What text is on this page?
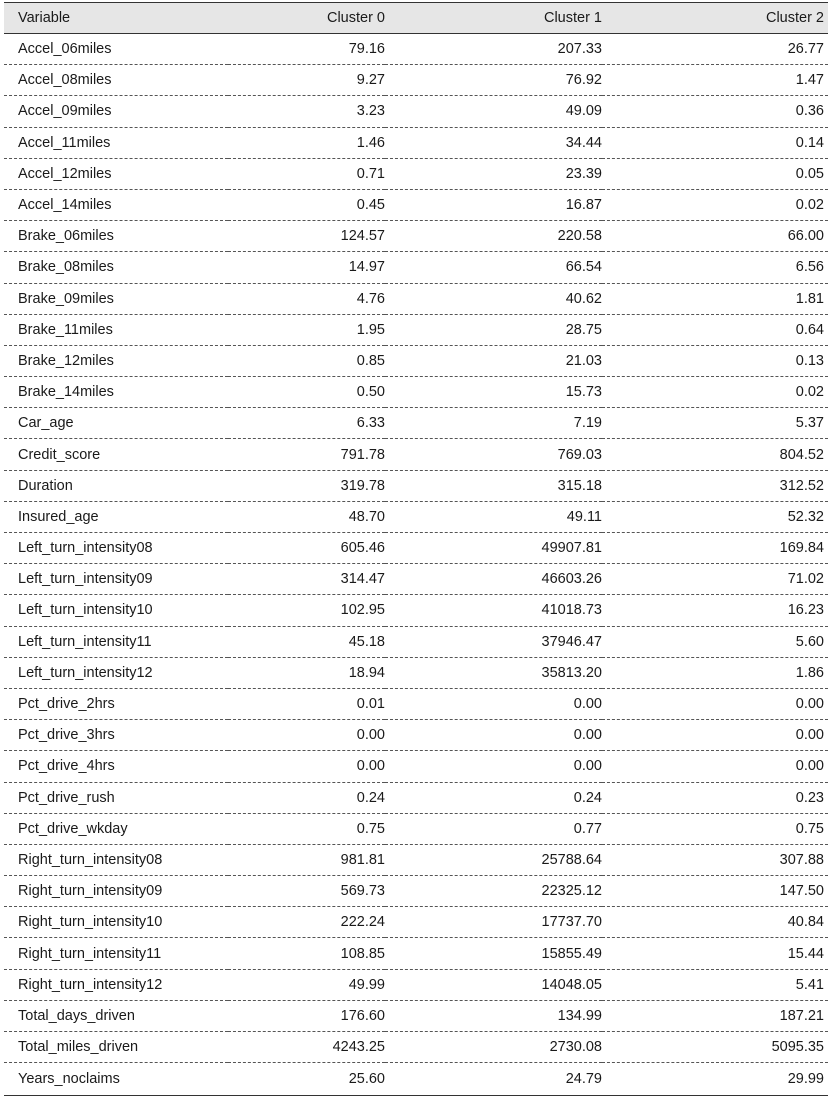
Variable	Cluster 0	Cluster 1	Cluster 2
Accel_06miles	79.16	207.33	26.77
Accel_08miles	9.27	76.92	1.47
Accel_09miles	3.23	49.09	0.36
Accel_11miles	1.46	34.44	0.14
Accel_12miles	0.71	23.39	0.05
Accel_14miles	0.45	16.87	0.02
Brake_06miles	124.57	220.58	66.00
Brake_08miles	14.97	66.54	6.56
Brake_09miles	4.76	40.62	1.81
Brake_11miles	1.95	28.75	0.64
Brake_12miles	0.85	21.03	0.13
Brake_14miles	0.50	15.73	0.02
Car_age	6.33	7.19	5.37
Credit_score	791.78	769.03	804.52
Duration	319.78	315.18	312.52
Insured_age	48.70	49.11	52.32
Left_turn_intensity08	605.46	49907.81	169.84
Left_turn_intensity09	314.47	46603.26	71.02
Left_turn_intensity10	102.95	41018.73	16.23
Left_turn_intensity11	45.18	37946.47	5.60
Left_turn_intensity12	18.94	35813.20	1.86
Pct_drive_2hrs	0.01	0.00	0.00
Pct_drive_3hrs	0.00	0.00	0.00
Pct_drive_4hrs	0.00	0.00	0.00
Pct_drive_rush	0.24	0.24	0.23
Pct_drive_wkday	0.75	0.77	0.75
Right_turn_intensity08	981.81	25788.64	307.88
Right_turn_intensity09	569.73	22325.12	147.50
Right_turn_intensity10	222.24	17737.70	40.84
Right_turn_intensity11	108.85	15855.49	15.44
Right_turn_intensity12	49.99	14048.05	5.41
Total_days_driven	176.60	134.99	187.21
Total_miles_driven	4243.25	2730.08	5095.35
Years_noclaims	25.60	24.79	29.99
